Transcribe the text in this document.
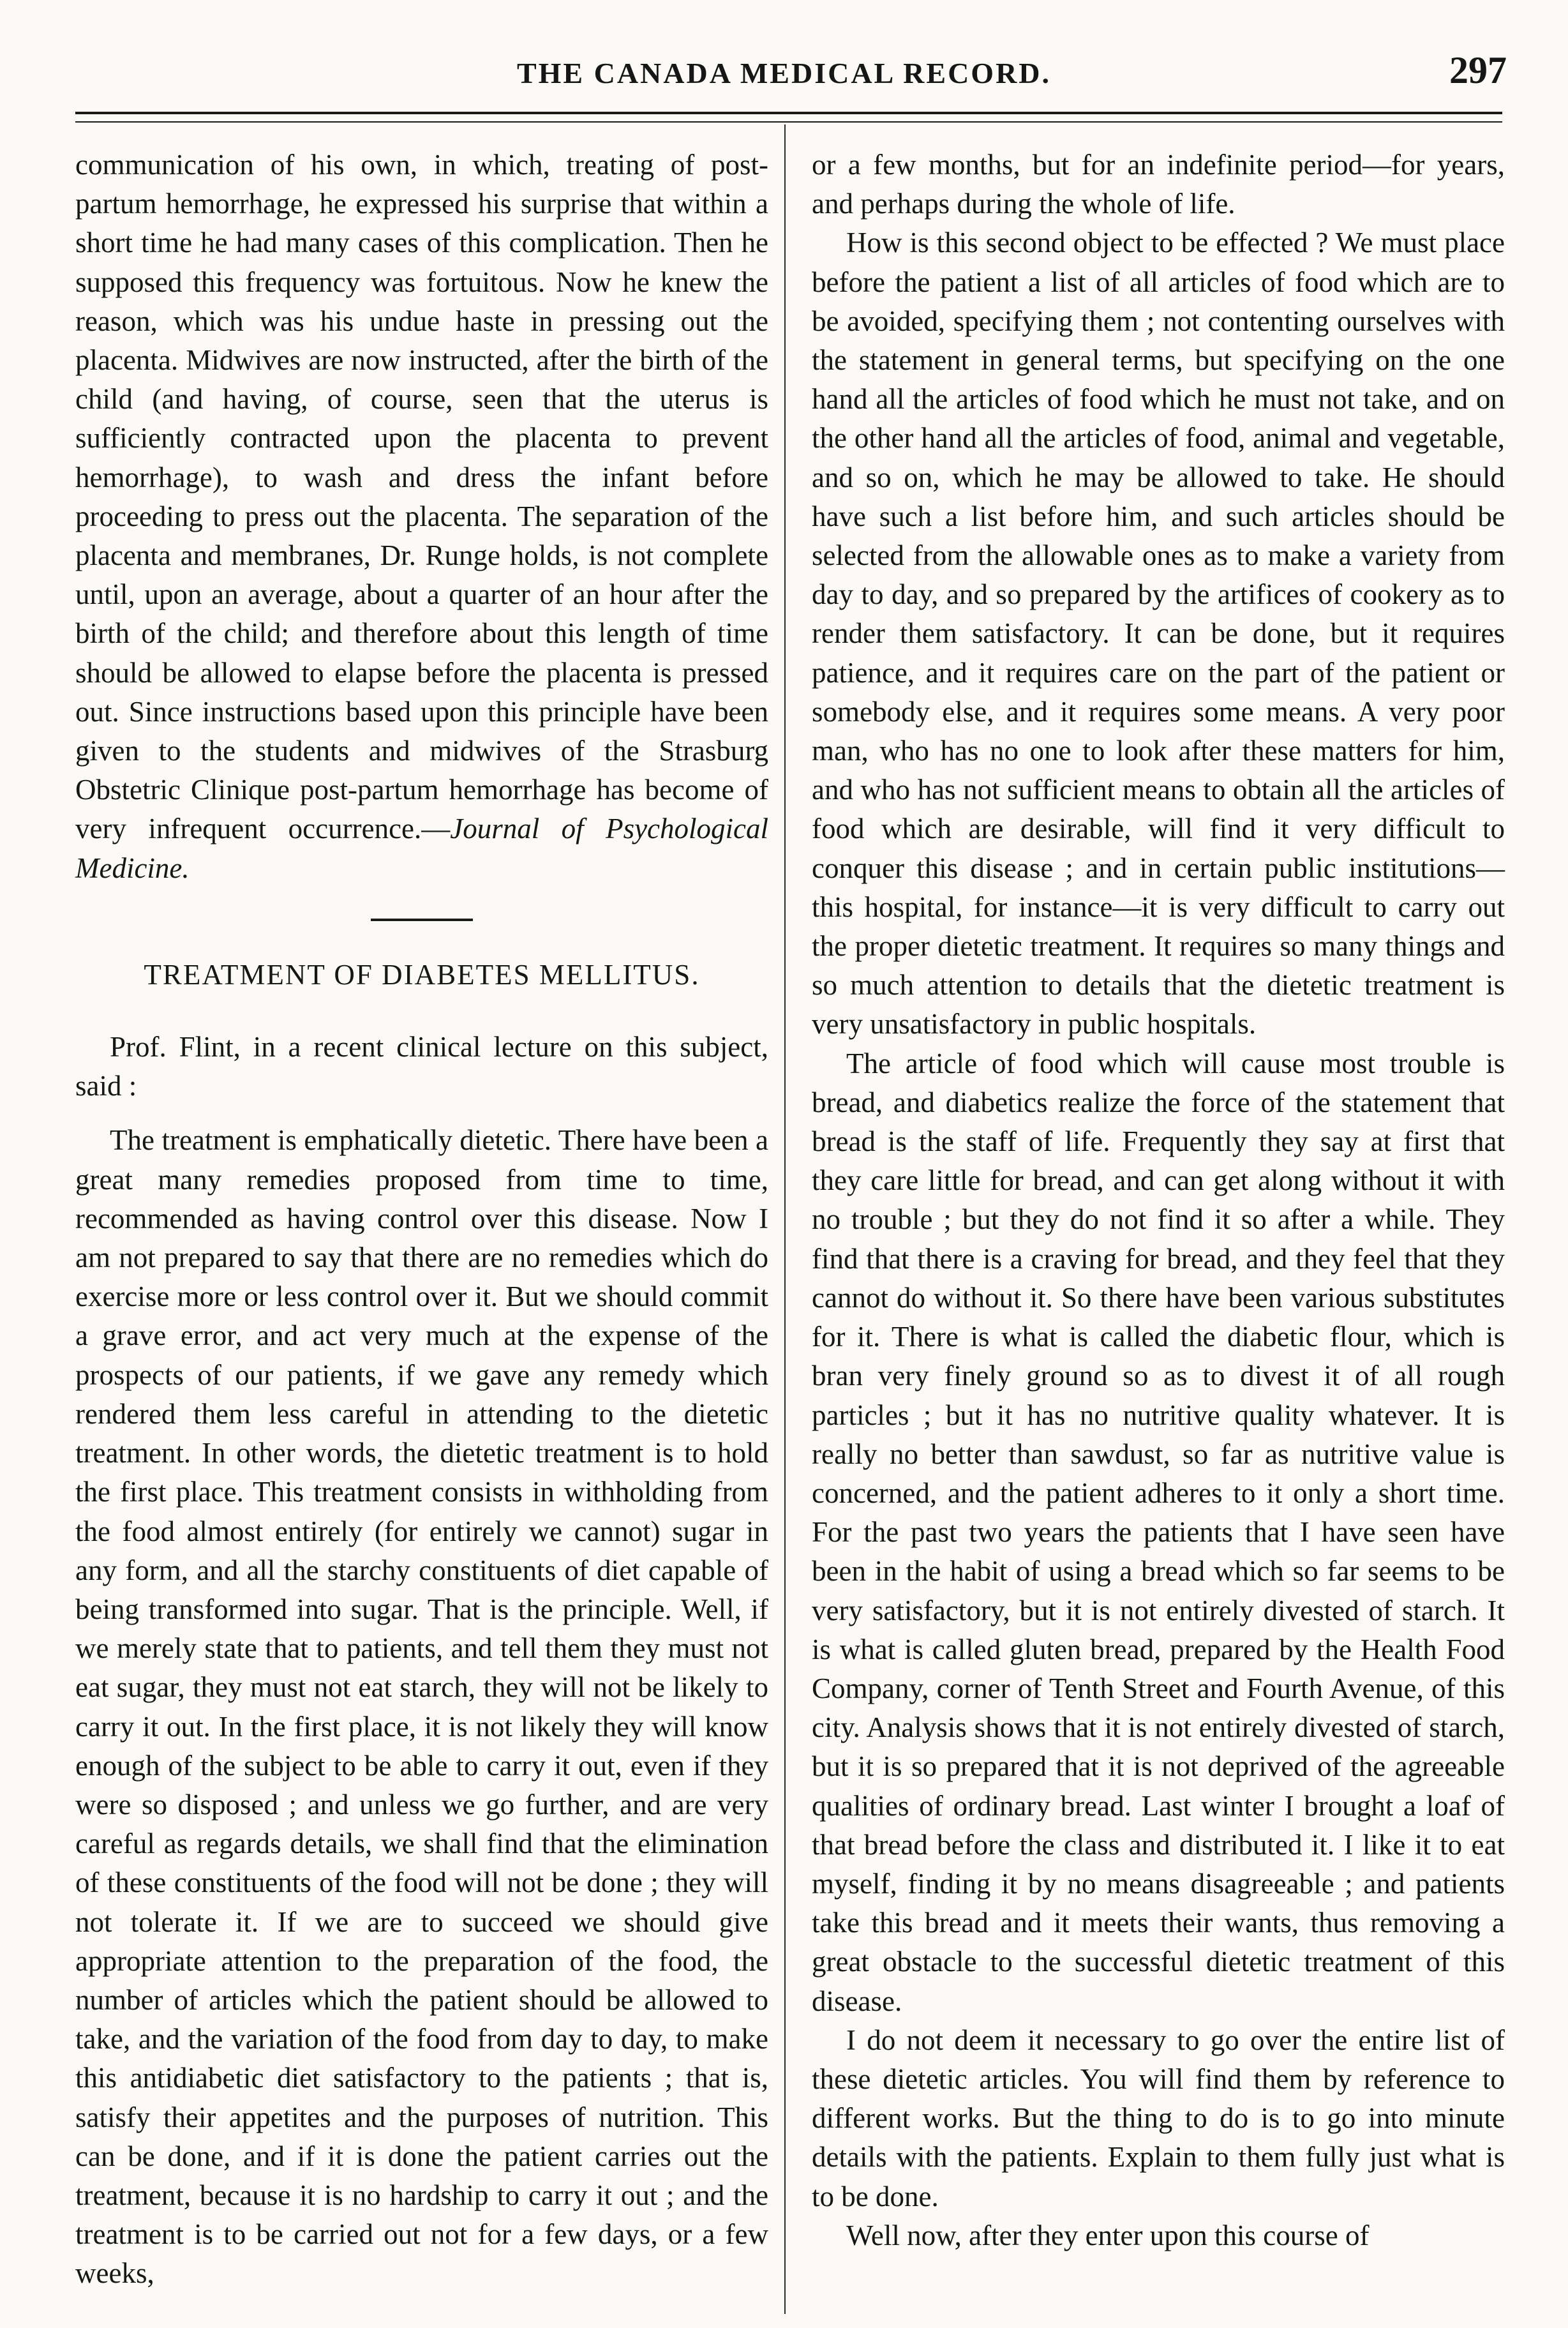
THE CANADA MEDICAL RECORD.	297

communication of his own, in which, treating of post-partum hemorrhage, he expressed his surprise that within a short time he had many cases of this complication. Then he supposed this frequency was fortuitous. Now he knew the reason, which was his undue haste in pressing out the placenta. Midwives are now instructed, after the birth of the child (and having, of course, seen that the uterus is sufficiently contracted upon the placenta to prevent hemorrhage), to wash and dress the infant before proceeding to press out the placenta. The separation of the placenta and membranes, Dr. Runge holds, is not complete until, upon an average, about a quarter of an hour after the birth of the child; and therefore about this length of time should be allowed to elapse before the placenta is pressed out. Since instructions based upon this principle have been given to the students and midwives of the Strasburg Obstetric Clinique post-partum hemorrhage has become of very infrequent occurrence.—Journal of Psychological Medicine.

TREATMENT OF DIABETES MELLITUS.

Prof. Flint, in a recent clinical lecture on this subject, said :

The treatment is emphatically dietetic. There have been a great many remedies proposed from time to time, recommended as having control over this disease. Now I am not prepared to say that there are no remedies which do exercise more or less control over it. But we should commit a grave error, and act very much at the expense of the prospects of our patients, if we gave any remedy which rendered them less careful in attending to the dietetic treatment. In other words, the dietetic treatment is to hold the first place. This treatment consists in withholding from the food almost entirely (for entirely we cannot) sugar in any form, and all the starchy constituents of diet capable of being transformed into sugar. That is the principle. Well, if we merely state that to patients, and tell them they must not eat sugar, they must not eat starch, they will not be likely to carry it out. In the first place, it is not likely they will know enough of the subject to be able to carry it out, even if they were so disposed ; and unless we go further, and are very careful as regards details, we shall find that the elimination of these constituents of the food will not be done ; they will not tolerate it. If we are to succeed we should give appropriate attention to the preparation of the food, the number of articles which the patient should be allowed to take, and the variation of the food from day to day, to make this antidiabetic diet satisfactory to the patients ; that is, satisfy their appetites and the purposes of nutrition. This can be done, and if it is done the patient carries out the treatment, because it is no hardship to carry it out ; and the treatment is to be carried out not for a few days, or a few weeks,

or a few months, but for an indefinite period—for years, and perhaps during the whole of life.

How is this second object to be effected ? We must place before the patient a list of all articles of food which are to be avoided, specifying them ; not contenting ourselves with the statement in general terms, but specifying on the one hand all the articles of food which he must not take, and on the other hand all the articles of food, animal and vegetable, and so on, which he may be allowed to take. He should have such a list before him, and such articles should be selected from the allowable ones as to make a variety from day to day, and so prepared by the artifices of cookery as to render them satisfactory. It can be done, but it requires patience, and it requires care on the part of the patient or somebody else, and it requires some means. A very poor man, who has no one to look after these matters for him, and who has not sufficient means to obtain all the articles of food which are desirable, will find it very difficult to conquer this disease ; and in certain public institutions—this hospital, for instance—it is very difficult to carry out the proper dietetic treatment. It requires so many things and so much attention to details that the dietetic treatment is very unsatisfactory in public hospitals.

The article of food which will cause most trouble is bread, and diabetics realize the force of the statement that bread is the staff of life. Frequently they say at first that they care little for bread, and can get along without it with no trouble ; but they do not find it so after a while. They find that there is a craving for bread, and they feel that they cannot do without it. So there have been various substitutes for it. There is what is called the diabetic flour, which is bran very finely ground so as to divest it of all rough particles ; but it has no nutritive quality whatever. It is really no better than sawdust, so far as nutritive value is concerned, and the patient adheres to it only a short time. For the past two years the patients that I have seen have been in the habit of using a bread which so far seems to be very satisfactory, but it is not entirely divested of starch. It is what is called gluten bread, prepared by the Health Food Company, corner of Tenth Street and Fourth Avenue, of this city. Analysis shows that it is not entirely divested of starch, but it is so prepared that it is not deprived of the agreeable qualities of ordinary bread. Last winter I brought a loaf of that bread before the class and distributed it. I like it to eat myself, finding it by no means disagreeable ; and patients take this bread and it meets their wants, thus removing a great obstacle to the successful dietetic treatment of this disease.

I do not deem it necessary to go over the entire list of these dietetic articles. You will find them by reference to different works. But the thing to do is to go into minute details with the patients. Explain to them fully just what is to be done.

Well now, after they enter upon this course of
